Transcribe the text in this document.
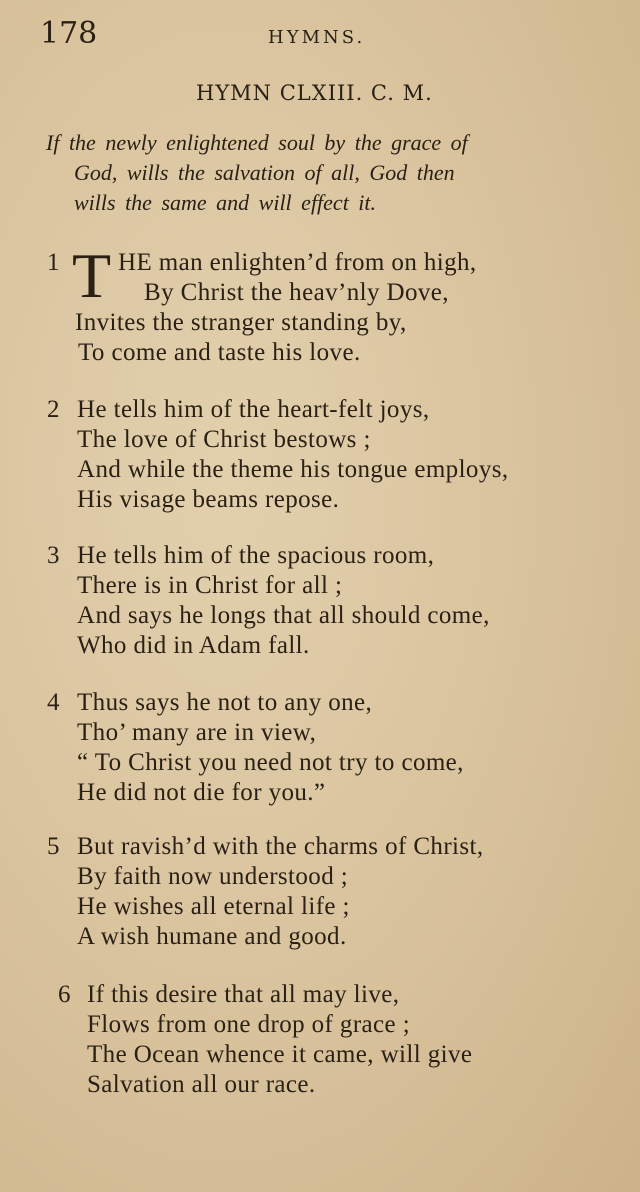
178	HYMNS.
HYMN CLXIII. C. M.
If the newly enlightened soul by the grace of
God, wills the salvation of all, God then
wills the same and will effect it.
T
1 HE man enlighten’d from on high,
By Christ the heav’nly Dove,
Invites the stranger standing by,
To come and taste his love.
2 He tells him of the heart-felt joys,
The love of Christ bestows ;
And while the theme his tongue employs,
His visage beams repose.
3 He tells him of the spacious room,
There is in Christ for all ;
And says he longs that all should come,
Who did in Adam fall.
4 Thus says he not to any one,
Tho’ many are in view,
“ To Christ you need not try to come,
He did not die for you.”
5 But ravish’d with the charms of Christ,
By faith now understood ;
He wishes all eternal life ;
A wish humane and good.
6 If this desire that all may live,
Flows from one drop of grace ;
The Ocean whence it came, will give
Salvation all our race.
